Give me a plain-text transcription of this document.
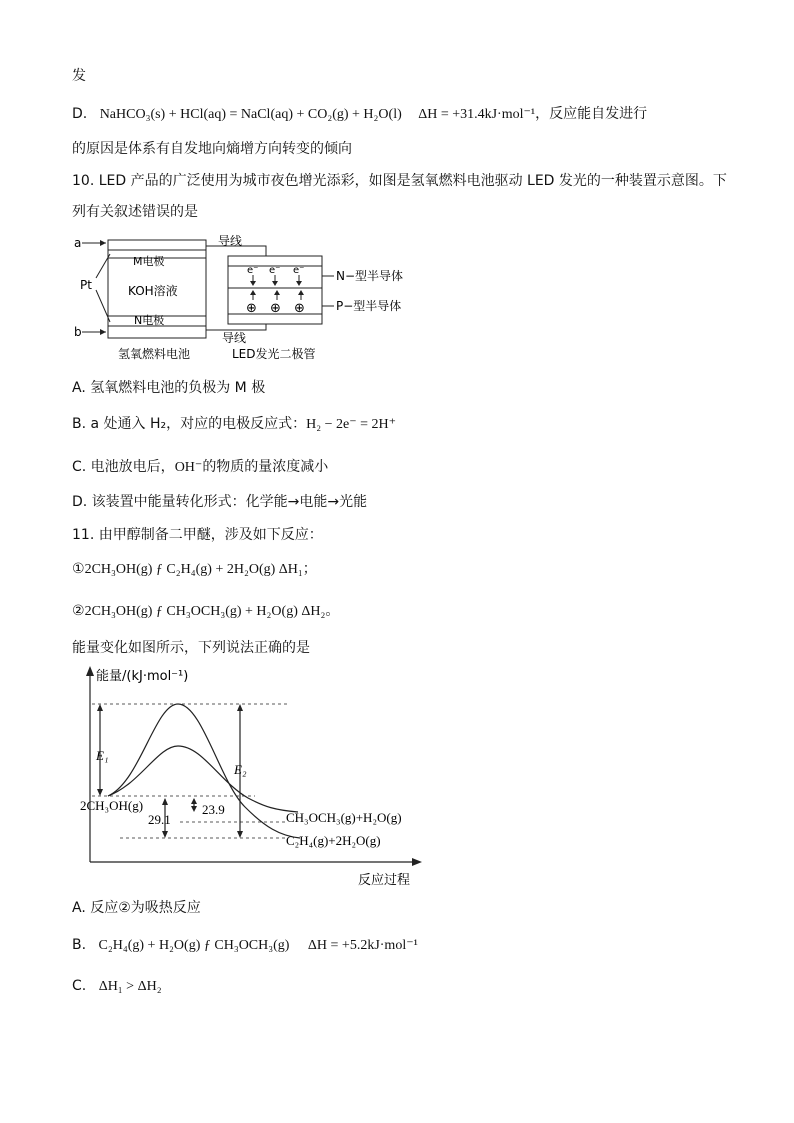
发
D. NaHCO₃(s) + HCl(aq) = NaCl(aq) + CO₂(g) + H₂O(l) ΔH = +31.4kJ·mol⁻¹，反应能自发进行
的原因是体系有自发地向熵增方向转变的倾向
10. LED 产品的广泛使用为城市夜色增光添彩，如图是氢氧燃料电池驱动 LED 发光的一种装置示意图。下
列有关叙述错误的是
a
b
Pt
M电极
KOH溶液
N电极
导线
导线
e⁻ e⁻ e⁻
⊕ ⊕ ⊕
N−型半导体
P−型半导体
氢氧燃料电池	LED发光二极管
A. 氢氧燃料电池的负极为 M 极
B. a 处通入 H₂，对应的电极反应式：H₂ − 2e⁻ = 2H⁺
C. 电池放电后，OH⁻的物质的量浓度减小
D. 该装置中能量转化形式：化学能→电能→光能
11. 由甲醇制备二甲醚，涉及如下反应：
①2CH₃OH(g) ƒ C₂H₄(g) + 2H₂O(g) ΔH₁；
②2CH₃OH(g) ƒ CH₃OCH₃(g) + H₂O(g) ΔH₂。
能量变化如图所示，下列说法正确的是
能量/(kJ·mol⁻¹)
反应过程
E₁
E₂
2CH₃OH(g)
CH₃OCH₃(g)+H₂O(g)
C₂H₄(g)+2H₂O(g)
29.1
23.9
A. 反应②为吸热反应
B. C₂H₄(g) + H₂O(g) ƒ CH₃OCH₃(g) ΔH = +5.2kJ·mol⁻¹
C. ΔH₁ > ΔH₂
